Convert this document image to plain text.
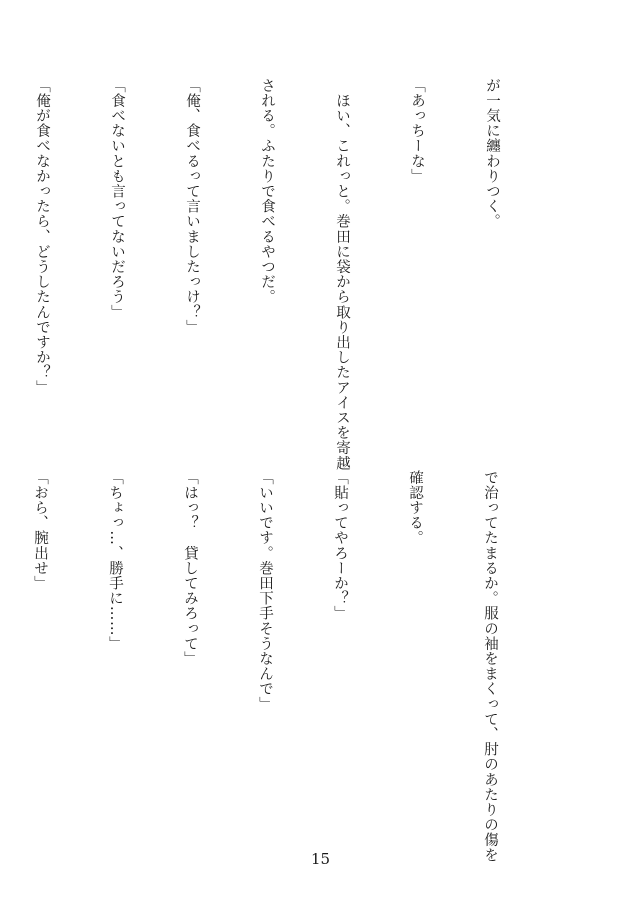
が一気に纏わりつく。

「あっちーな」

　ほい、これっと。巻田に袋から取り出したアイスを寄越

される。ふたりで食べるやつだ。

「俺、食べるって言いましたっけ？」

「食べないとも言ってないだろう」

「俺が食べなかったら、どうしたんですか？」

で治ってたまるか。服の袖をまくって、肘のあたりの傷を

確認する。

「貼ってやろーか？」

「いいです。巻田下手そうなんで」

「はっ？　貸してみろって」

「ちょっ…、勝手に……」

「おら、腕出せ」

15
